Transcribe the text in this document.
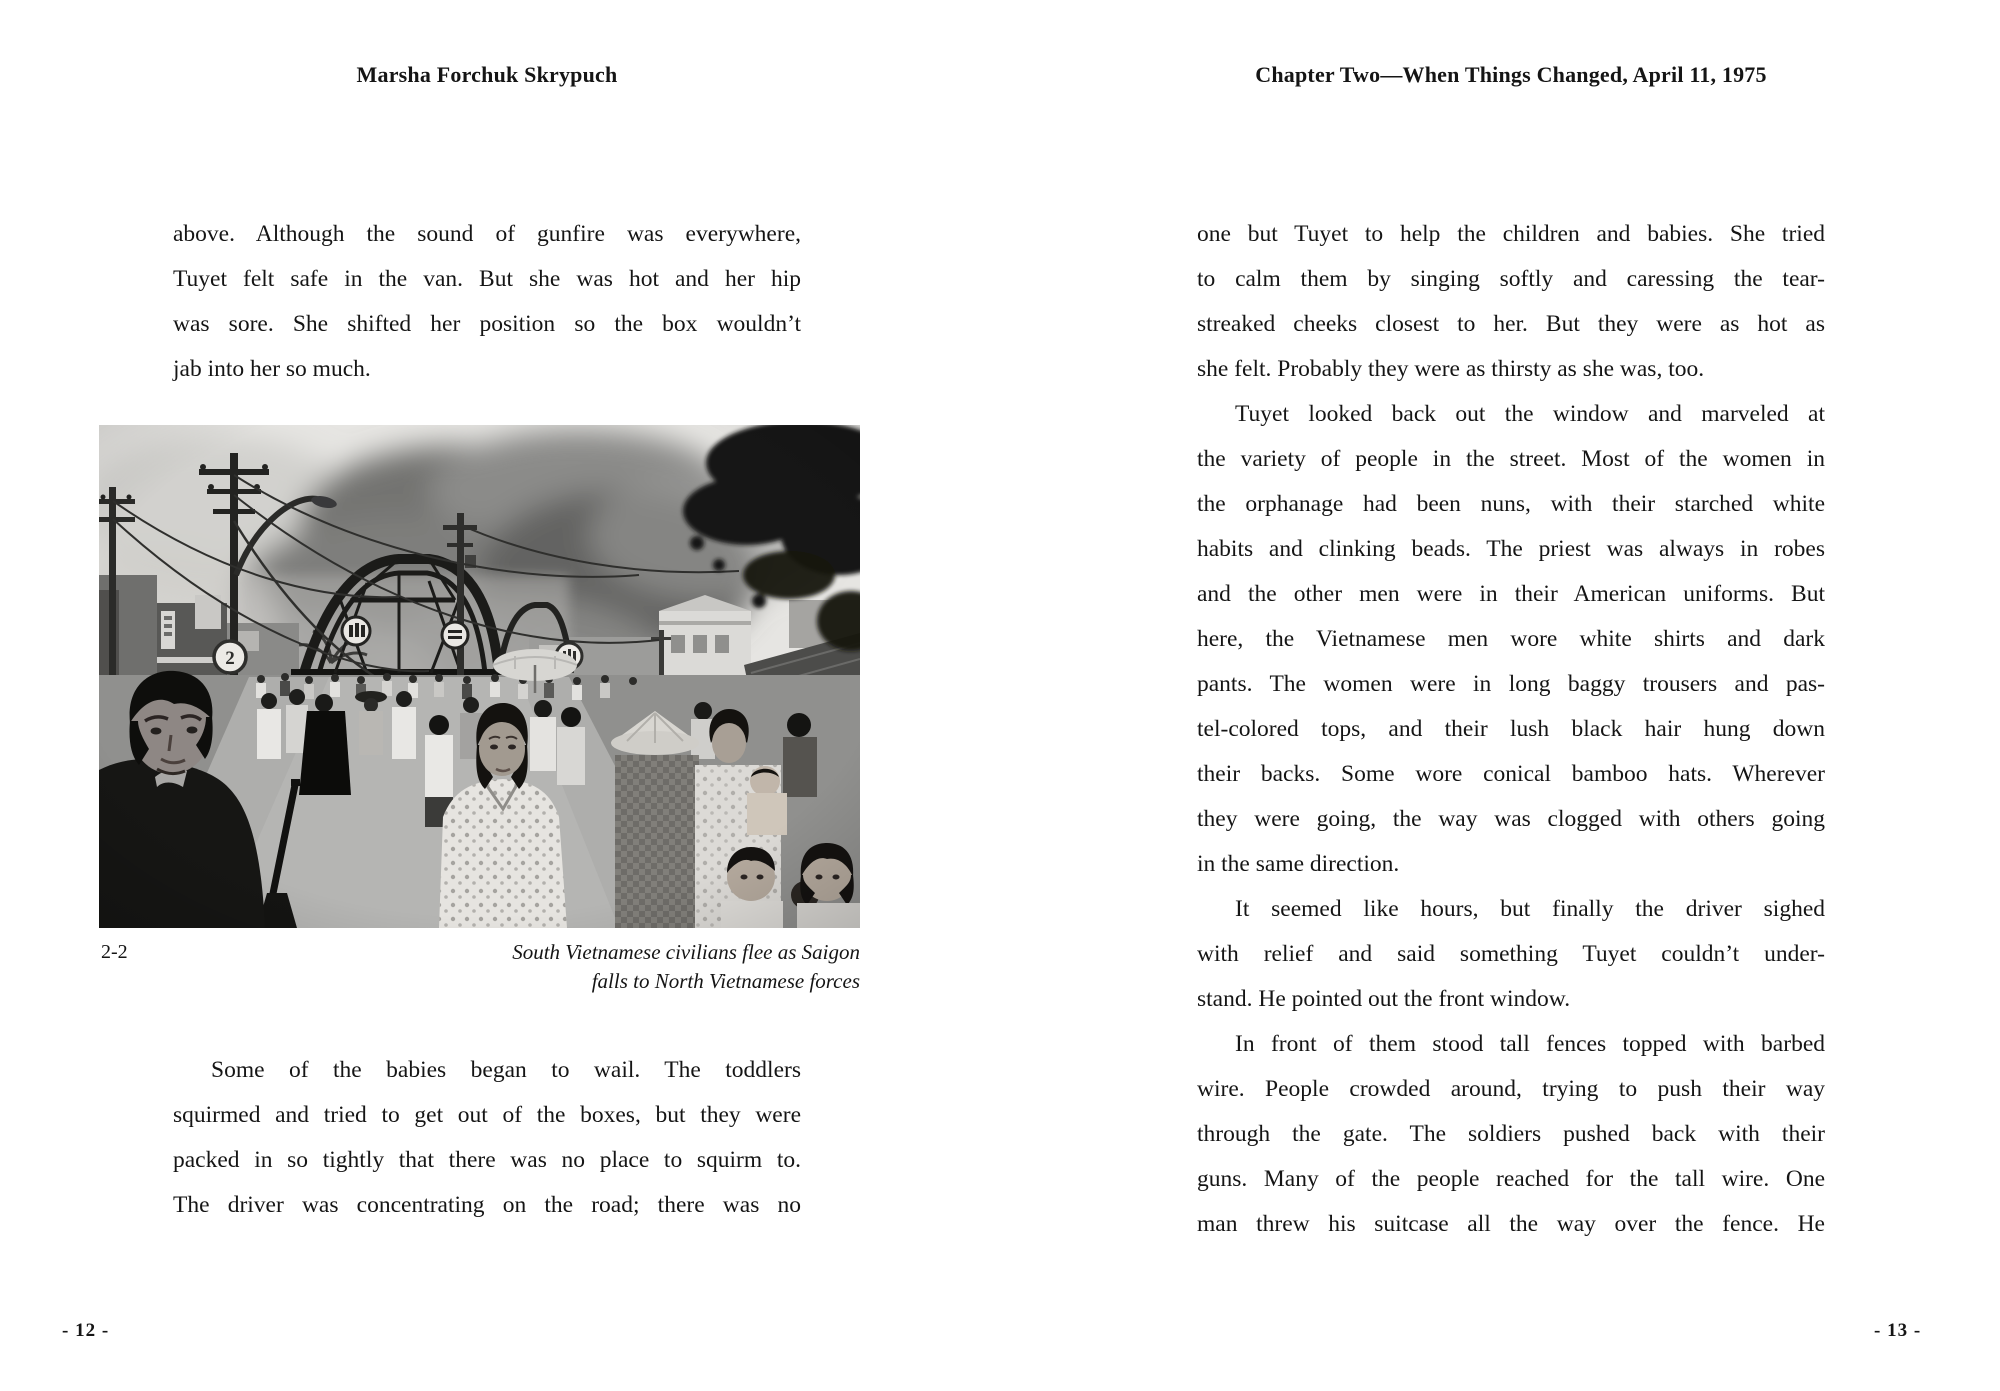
Marsha Forchuk Skrypuch	Chapter Two—When Things Changed, April 11, 1975
above. Although the sound of gunfire was everywhere,
Tuyet felt safe in the van. But she was hot and her hip
was sore. She shifted her position so the box wouldn’t
jab into her so much.
2-2	South Vietnamese civilians flee as Saigon
falls to North Vietnamese forces
Some of the babies began to wail. The toddlers
squirmed and tried to get out of the boxes, but they were
packed in so tightly that there was no place to squirm to.
The driver was concentrating on the road; there was no
one but Tuyet to help the children and babies. She tried
to calm them by singing softly and caressing the tear-
streaked cheeks closest to her. But they were as hot as
she felt. Probably they were as thirsty as she was, too.
Tuyet looked back out the window and marveled at
the variety of people in the street. Most of the women in
the orphanage had been nuns, with their starched white
habits and clinking beads. The priest was always in robes
and the other men were in their American uniforms. But
here, the Vietnamese men wore white shirts and dark
pants. The women were in long baggy trousers and pas-
tel-colored tops, and their lush black hair hung down
their backs. Some wore conical bamboo hats. Wherever
they were going, the way was clogged with others going
in the same direction.
It seemed like hours, but finally the driver sighed
with relief and said something Tuyet couldn’t under-
stand. He pointed out the front window.
In front of them stood tall fences topped with barbed
wire. People crowded around, trying to push their way
through the gate. The soldiers pushed back with their
guns. Many of the people reached for the tall wire. One
man threw his suitcase all the way over the fence. He
- 12 -	- 13 -
